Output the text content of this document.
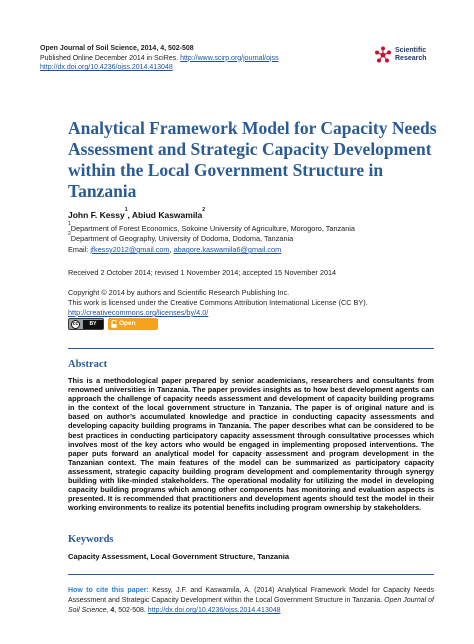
Open Journal of Soil Science, 2014, 4, 502-508
Published Online December 2014 in SciRes. http://www.scirp.org/journal/ojss
http://dx.doi.org/10.4236/ojss.2014.413048
Scientific
Research
Analytical Framework Model for Capacity Needs Assessment and Strategic Capacity Development within the Local Government Structure in Tanzania
John F. Kessy$^1$, Abiud Kaswamila$^2$
$^1$Department of Forest Economics, Sokoine University of Agriculture, Morogoro, Tanzania
$^2$Department of Geography, University of Dodoma, Dodoma, Tanzania
Email: jfkessy2012@gmail.com, abagore.kaswamila6@gmail.com
Received 2 October 2014; revised 1 November 2014; accepted 15 November 2014
Copyright © 2014 by authors and Scientific Research Publishing Inc.
This work is licensed under the Creative Commons Attribution International License (CC BY).
http://creativecommons.org/licenses/by/4.0/
cc	BY	Open Access
Abstract

This is a methodological paper prepared by senior academicians, researchers and consultants from renowned universities in Tanzania. The paper provides insights as to how best development agents can approach the challenge of capacity needs assessment and development of capacity building programs in the context of the local government structure in Tanzania. The paper is of original nature and is based on author’s accumulated knowledge and practice in conducting capacity assessments and developing capacity building programs in Tanzania. The paper describes what can be considered to be best practices in conducting participatory capacity assessment through consultative processes which involves most of the key actors who would be engaged in implementing proposed interventions. The paper puts forward an analytical model for capacity assessment and program development in the Tanzanian context. The main features of the model can be summarized as participatory capacity assessment, strategic capacity building program development and complementarity through synergy building with like-minded stakeholders. The operational modality for utilizing the model in developing capacity building programs which among other components has monitoring and evaluation aspects is presented. It is recommended that practitioners and development agents should test the model in their working environments to realize its potential benefits including program ownership by stakeholders.

Keywords
Capacity Assessment, Local Government Structure, Tanzania
How to cite this paper: Kessy, J.F. and Kaswamila, A. (2014) Analytical Framework Model for Capacity Needs Assessment and Strategic Capacity Development within the Local Government Structure in Tanzania. Open Journal of Soil Science, 4, 502-508. http://dx.doi.org/10.4236/ojss.2014.413048
